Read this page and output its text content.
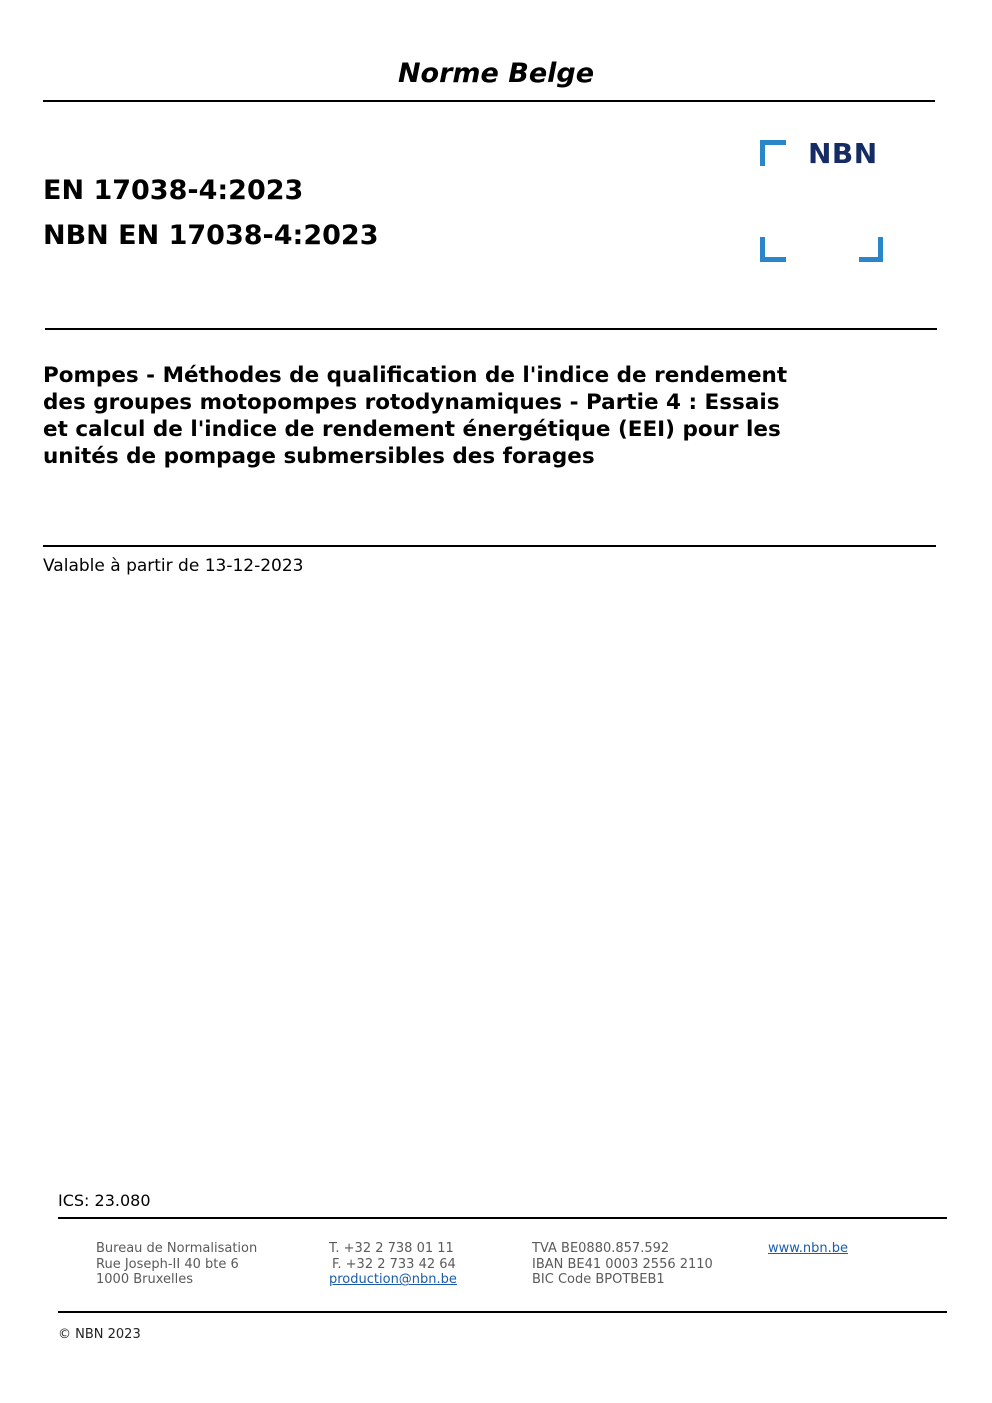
Norme Belge
EN 17038-4:2023
NBN EN 17038-4:2023
NBN
Pompes - Méthodes de qualification de l'indice de rendement
des groupes motopompes rotodynamiques - Partie 4 : Essais
et calcul de l'indice de rendement énergétique (EEI) pour les
unités de pompage submersibles des forages
Valable à partir de 13-12-2023
ICS: 23.080
Bureau de Normalisation
Rue Joseph-II 40 bte 6
1000 Bruxelles
T. +32 2 738 01 11
F. +32 2 733 42 64
production@nbn.be
TVA BE0880.857.592
IBAN BE41 0003 2556 2110
BIC Code BPOTBEB1
www.nbn.be
© NBN 2023
